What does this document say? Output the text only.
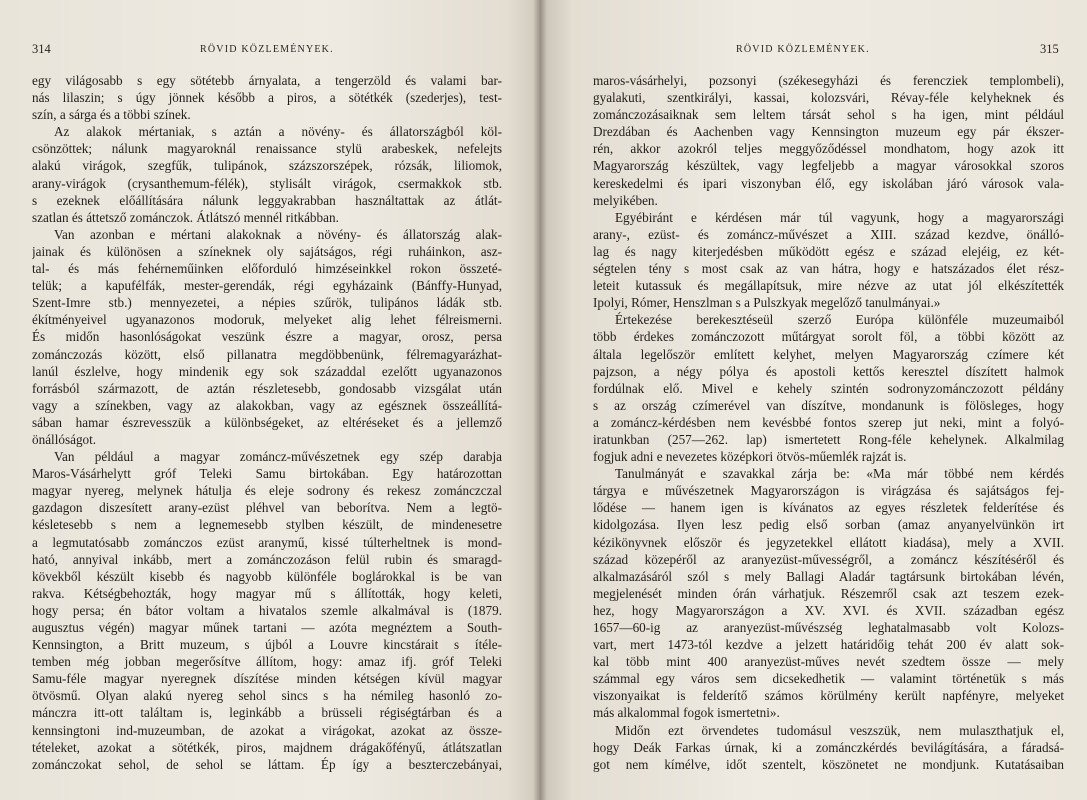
314	RÖVID KÖZLEMÉNYEK.
egy világosabb s egy sötétebb árnyalata, a tengerzöld és valami bar-
nás lilaszin; s úgy jönnek később a piros, a sötétkék (szederjes), test-
szín, a sárga és a többi színek.
Az alakok mértaniak, s aztán a növény- és állatországból köl-
csönzöttek; nálunk magyaroknál renaissance stylü arabeskek, nefelejts
alakú virágok, szegfűk, tulipánok, százszorszépek, rózsák, liliomok,
arany-virágok (crysanthemum-félék), stylisált virágok, csermakkok stb.
s ezeknek előállítására nálunk leggyakrabban használtattak az átlát-
szatlan és áttetsző zománczok. Átlátszó mennél ritkábban.
Van azonban e mértani alakoknak a növény- és állatország alak-
jainak és különösen a színeknek oly sajátságos, régi ruháinkon, asz-
tal- és más fehérneműinken előforduló himzéseinkkel rokon összeté-
telük; a kapufélfák, mester-gerendák, régi egyházaink (Bánffy-Hunyad,
Szent-Imre stb.) mennyezetei, a népies szűrök, tulipános ládák stb.
ékítményeivel ugyanazonos modoruk, melyeket alig lehet félreismerni.
És midőn hasonlóságokat veszünk észre a magyar, orosz, persa
zománczozás között, első pillanatra megdöbbenünk, félremagyarázhat-
lanúl észlelve, hogy mindenik egy sok századdal ezelőtt ugyanazonos
forrásból származott, de aztán részletesebb, gondosabb vizsgálat után
vagy a színekben, vagy az alakokban, vagy az egésznek összeállítá-
sában hamar észrevesszük a különbségeket, az eltéréseket és a jellemző
önállóságot.
Van például a magyar zománcz-művészetnek egy szép darabja
Maros-Vásárhelytt gróf Teleki Samu birtokában. Egy határozottan
magyar nyereg, melynek hátulja és eleje sodrony és rekesz zománczczal
gazdagon diszesített arany-ezüst pléhvel van beborítva. Nem a legtö-
késletesebb s nem a legnemesebb stylben készült, de mindenesetre
a legmutatósabb zománczos ezüst aranymű, kissé túlterheltnek is mond-
ható, annyival inkább, mert a zománczozáson felül rubin és smaragd-
kövekből készült kisebb és nagyobb különféle boglárokkal is be van
rakva. Kétségbehozták, hogy magyar mű s állították, hogy keleti,
hogy persa; én bátor voltam a hivatalos szemle alkalmával is (1879.
augusztus végén) magyar műnek tartani — azóta megnéztem a South-
Kennsington, a Britt muzeum, s újból a Louvre kincstárait s ítéle-
temben még jobban megerősítve állítom, hogy: amaz ifj. gróf Teleki
Samu-féle magyar nyeregnek díszítése minden kétségen kívül magyar
ötvösmű. Olyan alakú nyereg sehol sincs s ha némileg hasonló zo-
mánczra itt-ott találtam is, leginkább a brüsseli régiségtárban és a
kennsingtoni ind-muzeumban, de azokat a virágokat, azokat az össze-
tételeket, azokat a sötétkék, piros, majdnem drágakőfényű, átlátszatlan
zománczokat sehol, de sehol se láttam. Ép így a beszterczebányai,
RÖVID KÖZLEMÉNYEK.	315
maros-vásárhelyi, pozsonyi (székesegyházi és ferencziek templombeli),
gyalakuti, szentkirályi, kassai, kolozsvári, Révay-féle kelyheknek és
zománczozásaiknak sem leltem társát sehol s ha igen, mint például
Drezdában és Aachenben vagy Kennsington muzeum egy pár ékszer-
rén, akkor azokról teljes meggyőződéssel mondhatom, hogy azok itt
Magyarország készültek, vagy legfeljebb a magyar városokkal szoros
kereskedelmi és ipari viszonyban élő, egy iskolában járó városok vala-
melyikében.
Egyébiránt e kérdésen már túl vagyunk, hogy a magyarországi
arany-, ezüst- és zománcz-művészet a XIII. század kezdve, önálló-
lag és nagy kiterjedésben működött egész e század elejéig, ez két-
ségtelen tény s most csak az van hátra, hogy e hatszázados élet rész-
leteit kutassuk és megállapítsuk, mire nézve az utat jól elkészítették
Ipolyi, Rómer, Henszlman s a Pulszkyak megelőző tanulmányai.»
Értekezése berekesztéseül szerző Európa különféle muzeumaiból
több érdekes zománczozott műtárgyat sorolt föl, a többi között az
általa legelőször említett kelyhet, melyen Magyarország czímere két
pajzson, a négy pólya és apostoli kettős keresztel díszített halmok
fordúlnak elő. Mivel e kehely szintén sodronyzománczozott példány
s az ország czímerével van díszítve, mondanunk is fölösleges, hogy
a zománcz-kérdésben nem kevésbbé fontos szerep jut neki, mint a folyó-
iratunkban (257—262. lap) ismertetett Rong-féle kehelynek. Alkalmilag
fogjuk adni e nevezetes középkori ötvös-műemlék rajzát is.
Tanulmányát e szavakkal zárja be: «Ma már többé nem kérdés
tárgya e művészetnek Magyarországon is virágzása és sajátságos fej-
lődése — hanem igen is kívánatos az egyes részletek felderítése és
kidolgozása. Ilyen lesz pedig első sorban (amaz anyanyelvünkön irt
kézikönyvnek először és jegyzetekkel ellátott kiadása), mely a XVII.
század közepéről az aranyezüst-művességről, a zománcz készítéséről és
alkalmazásáról szól s mely Ballagi Aladár tagtársunk birtokában lévén,
megjelenését minden órán várhatjuk. Részemről csak azt teszem ezek-
hez, hogy Magyarországon a XV. XVI. és XVII. században egész
1657—60-ig az aranyezüst-művészség leghatalmasabb volt Kolozs-
vart, mert 1473-tól kezdve a jelzett határidőig tehát 200 év alatt sok-
kal több mint 400 aranyezüst-műves nevét szedtem össze — mely
számmal egy város sem dicsekedhetik — valamint történetük s más
viszonyaikat is felderítő számos körülmény került napfényre, melyeket
más alkalommal fogok ismertetni».
Midőn ezt örvendetes tudomásul veszszük, nem mulaszthatjuk el,
hogy Deák Farkas úrnak, ki a zománczkérdés bevilágítására, a fáradsá-
got nem kímélve, időt szentelt, köszönetet ne mondjunk. Kutatásaiban
